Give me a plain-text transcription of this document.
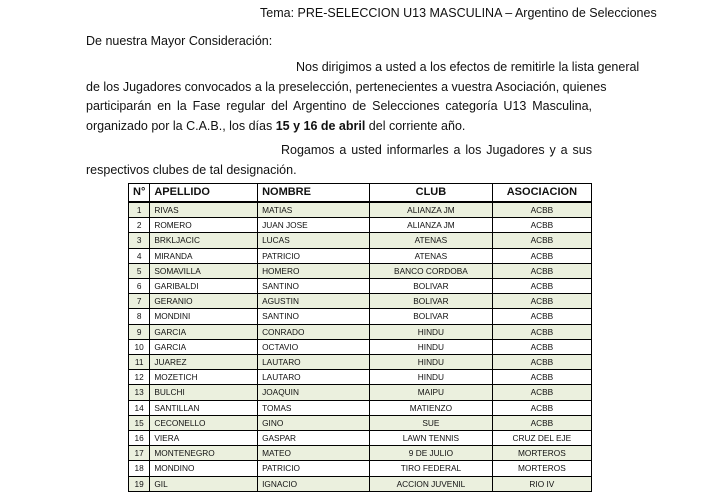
Tema: PRE-SELECCION U13 MASCULINA – Argentino de Selecciones
De nuestra Mayor Consideración:
Nos dirigimos a usted a los efectos de remitirle la lista general
de los Jugadores convocados a la preselección, pertenecientes a vuestra Asociación, quienes
participarán en la Fase regular del Argentino de Selecciones categoría U13 Masculina,
organizado por la C.A.B., los días 15 y 16 de abril del corriente año.
Rogamos a usted informarles a los Jugadores y a sus
respectivos clubes de tal designación.
N°	APELLIDO	NOMBRE	CLUB	ASOCIACION
1	RIVAS	MATIAS	ALIANZA JM	ACBB
2	ROMERO	JUAN JOSE	ALIANZA JM	ACBB
3	BRKLJACIC	LUCAS	ATENAS	ACBB
4	MIRANDA	PATRICIO	ATENAS	ACBB
5	SOMAVILLA	HOMERO	BANCO CORDOBA	ACBB
6	GARIBALDI	SANTINO	BOLIVAR	ACBB
7	GERANIO	AGUSTIN	BOLIVAR	ACBB
8	MONDINI	SANTINO	BOLIVAR	ACBB
9	GARCIA	CONRADO	HINDU	ACBB
10	GARCIA	OCTAVIO	HINDU	ACBB
11	JUAREZ	LAUTARO	HINDU	ACBB
12	MOZETICH	LAUTARO	HINDU	ACBB
13	BULCHI	JOAQUIN	MAIPU	ACBB
14	SANTILLAN	TOMAS	MATIENZO	ACBB
15	CECONELLO	GINO	SUE	ACBB
16	VIERA	GASPAR	LAWN TENNIS	CRUZ DEL EJE
17	MONTENEGRO	MATEO	9 DE JULIO	MORTEROS
18	MONDINO	PATRICIO	TIRO FEDERAL	MORTEROS
19	GIL	IGNACIO	ACCION JUVENIL	RIO IV
